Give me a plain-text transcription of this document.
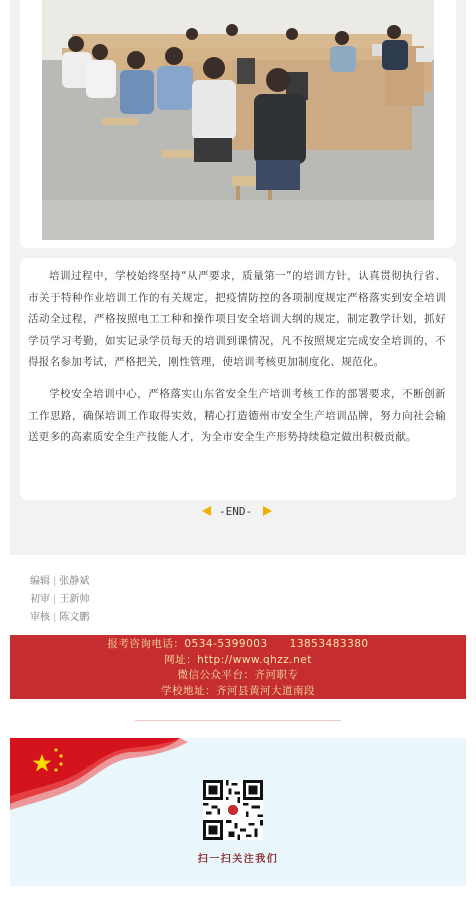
培训过程中，学校始终坚持“从严要求，质量第一”的培训方针，认真贯彻执行省、市关于特种作业培训工作的有关规定，把疫情防控的各项制度规定严格落实到安全培训活动全过程，严格按照电工工种和操作项目安全培训大纲的规定，制定教学计划，抓好学员学习考勤，如实记录学员每天的培训到课情况，凡不按照规定完成安全培训的，不得报名参加考试，严格把关，刚性管理，使培训考核更加制度化、规范化。

学校安全培训中心，严格落实山东省安全生产培训考核工作的部署要求，不断创新工作思路，确保培训工作取得实效，精心打造德州市安全生产培训品牌，努力向社会输送更多的高素质安全生产技能人才，为全市安全生产形势持续稳定做出积极贡献。

-END-
编辑 | 张静斌
初审 | 王新帅
审核 | 陈文鹏
报考咨询电话：0534-5399003　　13853483380
网址：http://www.qhzz.net
微信公众平台：齐河职专
学校地址：齐河县黄河大道南段
扫一扫关注我们
